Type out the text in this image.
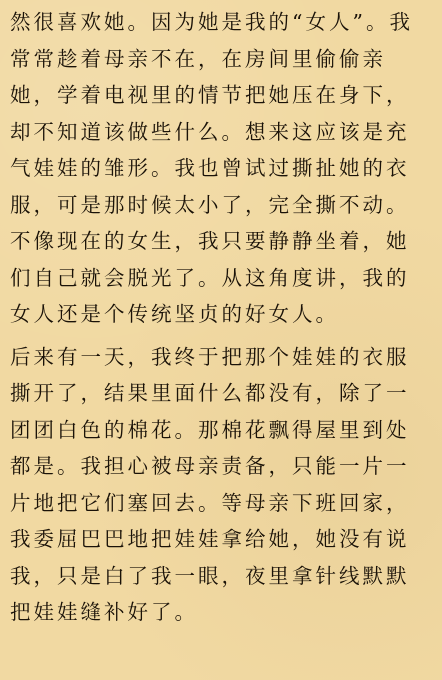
然很喜欢她。因为她是我的“女人”。我
常常趁着母亲不在，在房间里偷偷亲
她，学着电视里的情节把她压在身下，
却不知道该做些什么。想来这应该是充
气娃娃的雏形。我也曾试过撕扯她的衣
服，可是那时候太小了，完全撕不动。
不像现在的女生，我只要静静坐着，她
们自己就会脱光了。从这角度讲，我的
女人还是个传统坚贞的好女人。
后来有一天，我终于把那个娃娃的衣服
撕开了，结果里面什么都没有，除了一
团团白色的棉花。那棉花飘得屋里到处
都是。我担心被母亲责备，只能一片一
片地把它们塞回去。等母亲下班回家，
我委屈巴巴地把娃娃拿给她，她没有说
我，只是白了我一眼，夜里拿针线默默
把娃娃缝补好了。
